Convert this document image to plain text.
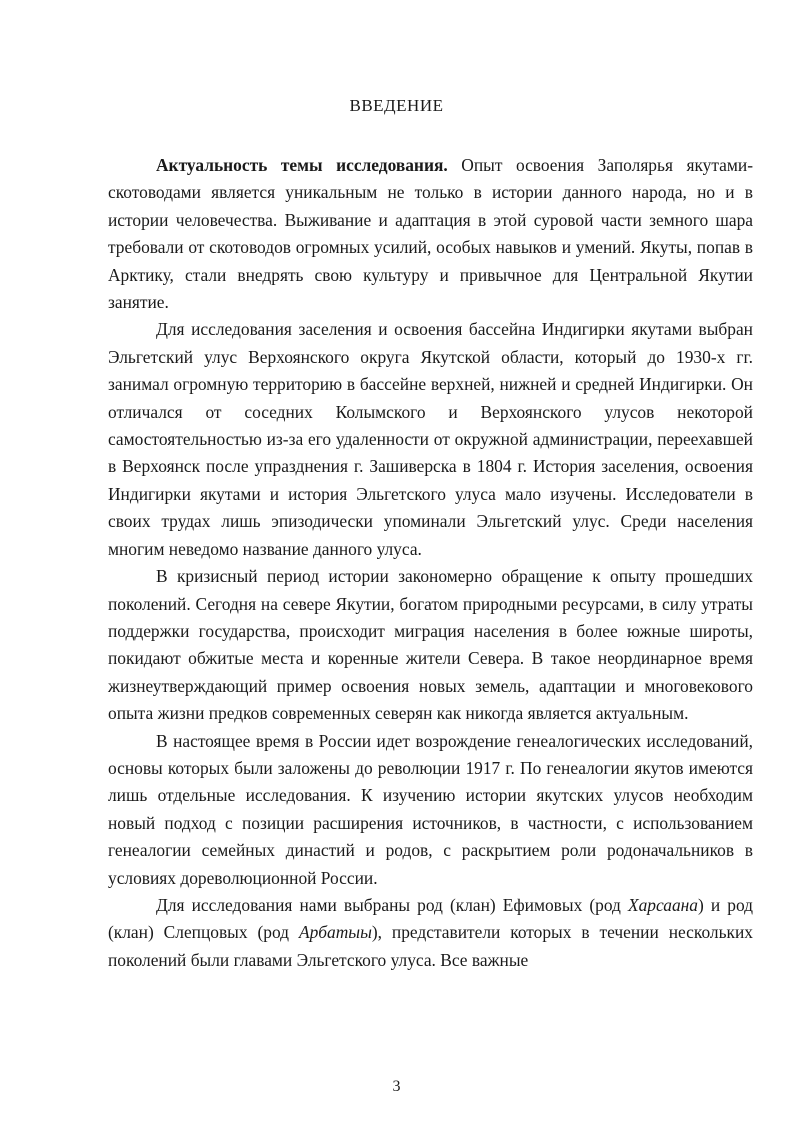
ВВЕДЕНИЕ

Актуальность темы исследования. Опыт освоения Заполярья якутами-скотоводами является уникальным не только в истории данного народа, но и в истории человечества. Выживание и адаптация в этой суровой части земного шара требовали от скотоводов огромных усилий, особых навыков и умений. Якуты, попав в Арктику, стали внедрять свою культуру и привычное для Центральной Якутии занятие.

Для исследования заселения и освоения бассейна Индигирки якутами выбран Эльгетский улус Верхоянского округа Якутской области, который до 1930-х гг. занимал огромную территорию в бассейне верхней, нижней и средней Индигирки. Он отличался от соседних Колымского и Верхоянского улусов некоторой самостоятельностью из-за его удаленности от окружной администрации, переехавшей в Верхоянск после упразднения г. Зашиверска в 1804 г. История заселения, освоения Индигирки якутами и история Эльгетского улуса мало изучены. Исследователи в своих трудах лишь эпизодически упоминали Эльгетский улус. Среди населения многим неведомо название данного улуса.

В кризисный период истории закономерно обращение к опыту прошедших поколений. Сегодня на севере Якутии, богатом природными ресурсами, в силу утраты поддержки государства, происходит миграция населения в более южные широты, покидают обжитые места и коренные жители Севера. В такое неординарное время жизнеутверждающий пример освоения новых земель, адаптации и многовекового опыта жизни предков современных северян как никогда является актуальным.

В настоящее время в России идет возрождение генеалогических исследований, основы которых были заложены до революции 1917 г. По генеалогии якутов имеются лишь отдельные исследования. К изучению истории якутских улусов необходим новый подход с позиции расширения источников, в частности, с использованием генеалогии семейных династий и родов, с раскрытием роли родоначальников в условиях дореволюционной России.

Для исследования нами выбраны род (клан) Ефимовых (род Харсаана) и род (клан) Слепцовых (род Арбатыы), представители которых в течении нескольких поколений были главами Эльгетского улуса. Все важные

3
